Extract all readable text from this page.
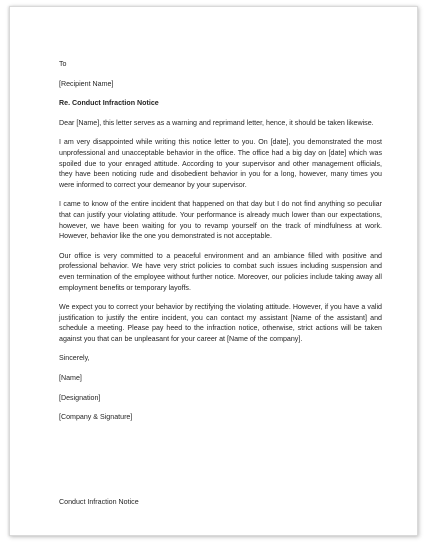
To

[Recipient Name]

Re. Conduct Infraction Notice

Dear [Name], this letter serves as a warning and reprimand letter, hence, it should be taken likewise.

I am very disappointed while writing this notice letter to you. On [date], you demonstrated the most unprofessional and unacceptable behavior in the office. The office had a big day on [date] which was spoiled due to your enraged attitude. According to your supervisor and other management officials, they have been noticing rude and disobedient behavior in you for a long, however, many times you were informed to correct your demeanor by your supervisor.

I came to know of the entire incident that happened on that day but I do not find anything so peculiar that can justify your violating attitude. Your performance is already much lower than our expectations, however, we have been waiting for you to revamp yourself on the track of mindfulness at work. However, behavior like the one you demonstrated is not acceptable.

Our office is very committed to a peaceful environment and an ambiance filled with positive and professional behavior. We have very strict policies to combat such issues including suspension and even termination of the employee without further notice. Moreover, our policies include taking away all employment benefits or temporary layoffs.

We expect you to correct your behavior by rectifying the violating attitude. However, if you have a valid justification to justify the entire incident, you can contact my assistant [Name of the assistant] and schedule a meeting. Please pay heed to the infraction notice, otherwise, strict actions will be taken against you that can be unpleasant for your career at [Name of the company].

Sincerely,

[Name]

[Designation]

[Company & Signature]

Conduct Infraction Notice
